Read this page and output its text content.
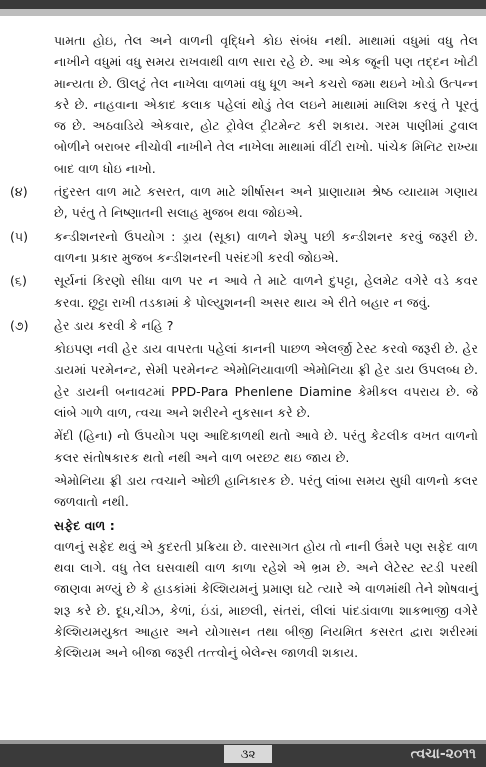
પામતા હોઇ, તેલ અને વાળની વૃદ્ધિને કોઇ સંબંધ નથી. માથામાં વધુમાં વધુ તેલ નાખીને વધુમાં વધુ સમય રાખવાથી વાળ સારા રહે છે. આ એક જૂની પણ તદ્દન ખોટી માન્યતા છે. ઊલટું તેલ નાખેલા વાળમાં વધુ ધૂળ અને કચરો જમા થઇને ખોડો ઉત્પન્ન કરે છે. નાહવાના એકાદ કલાક પહેલાં થોડું તેલ લઇને માથામાં માલિશ કરવું તે પૂરતું જ છે. અઠવાડિયે એકવાર, હોટ ટ્રોવેલ ટ્રીટમેન્ટ કરી શકાય. ગરમ પાણીમાં ટુવાલ બોળીને બરાબર નીચોવી નાખીને તેલ નાખેલા માથામાં વીંટી રાખો. પાંચેક મિનિટ રાખ્યા બાદ વાળ ધોઇ નાખો.

(૪)	તંદુરસ્ત વાળ માટે કસરત, વાળ માટે શીર્ષાસન અને પ્રાણાયામ શ્રેષ્ઠ વ્યાયામ ગણાય છે, પરંતુ તે નિષ્ણાતની સલાહ મુજબ થવા જોઇએ.
(૫)	કન્ડીશનરનો ઉપયોગ : ડ્રાય (સૂકા) વાળને શેમ્પુ પછી કન્ડીશનર કરવું જરૂરી છે. વાળના પ્રકાર મુજબ કન્ડીશનરની પસંદગી કરવી જોઇએ.
(૬)	સૂર્યનાં કિરણો સીધા વાળ પર ન આવે તે માટે વાળને દુપટ્ટા, હેલમેટ વગેરે વડે કવર કરવા. છૂટ્ટા રાખી તડકામાં કે પોલ્યુશનની અસર થાય એ રીતે બહાર ન જવું.
(૭)	હેર ડાય કરવી કે નહિ ?

કોઇપણ નવી હેર ડાય વાપરતા પહેલાં કાનની પાછળ એલર્જી ટેસ્ટ કરવો જરૂરી છે. હેર ડાયમાં પરમેનન્ટ, સેમી પરમેનન્ટ એમોનિયાવાળી એમોનિયા ફ્રી હેર ડાય ઉપલબ્ધ છે. હેર ડાયની બનાવટમાં PPD-Para Phenlene Diamine કેમીકલ વપરાય છે. જે લાંબે ગાળે વાળ, ત્વચા અને શરીરને નુકસાન કરે છે.

મેંદી (હિના) નો ઉપયોગ પણ આદિકાળથી થતો આવે છે. પરંતુ કેટલીક વખત વાળનો કલર સંતોષકારક થતો નથી અને વાળ બરછટ થઇ જાય છે.

એમોનિયા ફ્રી ડાય ત્વચાને ઓછી હાનિકારક છે. પરંતુ લાંબા સમય સુધી વાળનો કલર જળવાતો નથી.

સફેદ વાળ :

વાળનું સફેદ થવું એ કુદરતી પ્રક્રિયા છે. વારસાગત હોય તો નાની ઉંમરે પણ સફેદ વાળ થવા લાગે. વધુ તેલ ઘસવાથી વાળ કાળા રહેશે એ ભ્રમ છે. અને લેટેસ્ટ સ્ટડી પરથી જાણવા મળ્યું છે કે હાડકાંમાં કેલ્શિયમનું પ્રમાણ ઘટે ત્યારે એ વાળમાંથી તેને શોષવાનું શરૂ કરે છે. દૂધ,ચીઝ, કેળાં, ઇંડાં, માછલી, સંતરાં, લીલાં પાંદડાંવાળા શાકભાજી વગેરે કેલ્શિયમયુક્ત આહાર અને યોગાસન તથા બીજી નિયમિત કસરત દ્વારા શરીરમાં કેલ્શિયમ અને બીજા જરૂરી તત્ત્વોનું બેલેન્સ જાળવી શકાય.

૩૨	ત્વચા-૨૦૧૧
